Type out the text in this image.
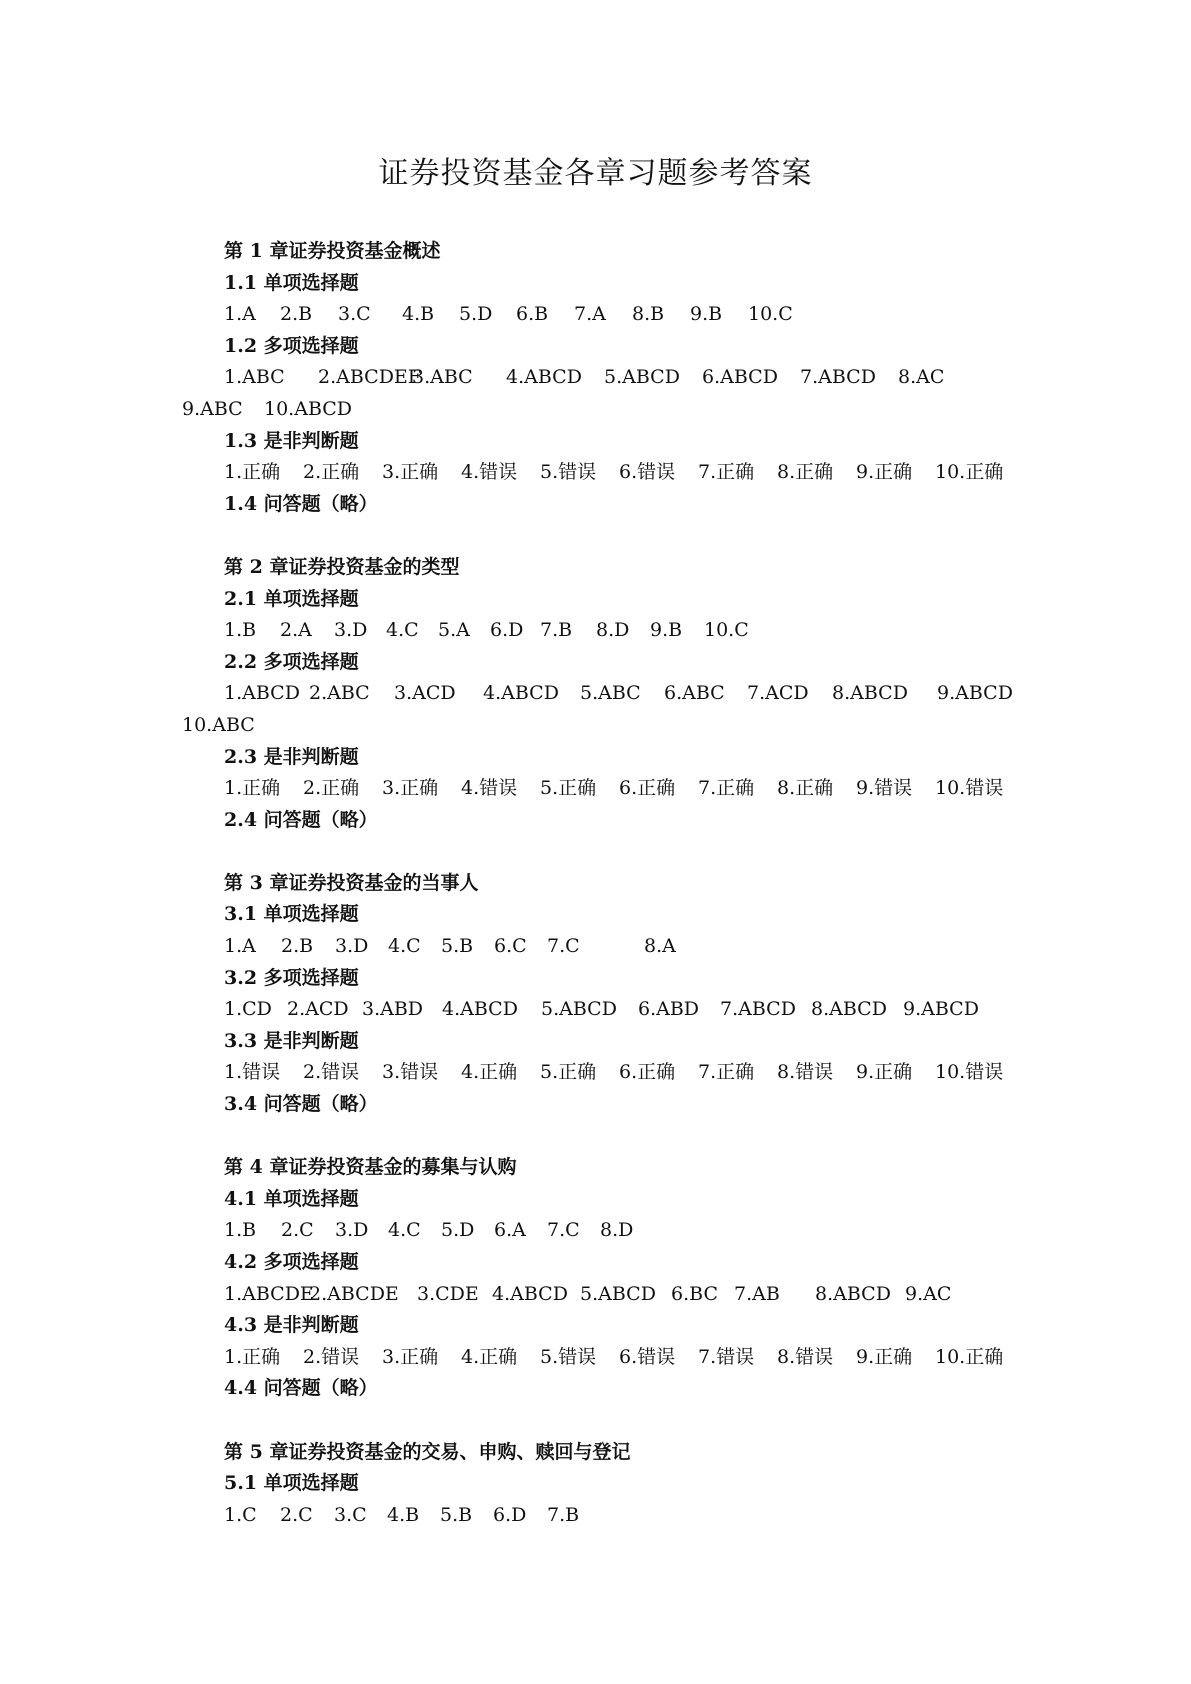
证券投资基金各章习题参考答案
第 1 章证券投资基金概述
1.1 单项选择题
1.A 2.B 3.C 4.B 5.D 6.B 7.A 8.B 9.B 10.C
1.2 多项选择题
1.ABC 2.ABCDEF
3.ABC 4.ABCD 5.ABCD 6.ABCD 7.ABCD 8.AC
9.ABC 10.ABCD
1.3 是非判断题
1.正确 2.正确 3.正确 4.错误 5.错误 6.错误 7.正确 8.正确 9.正确 10.正确
1.4 问答题（略）
第 2 章证券投资基金的类型
2.1 单项选择题
1.B 2.A 3.D 4.C 5.A 6.D 7.B 8.D 9.B 10.C
2.2 多项选择题
1.ABCD 2.ABC 3.ACD 4.ABCD 5.ABC 6.ABC 7.ACD 8.ABCD 9.ABCD
10.ABC
2.3 是非判断题
1.正确 2.正确 3.正确 4.错误 5.正确 6.正确 7.正确 8.正确 9.错误 10.错误
2.4 问答题（略）
第 3 章证券投资基金的当事人
3.1 单项选择题
1.A 2.B 3.D 4.C 5.B 6.C 7.C	8.A
3.2 多项选择题
1.CD 2.ACD 3.ABD 4.ABCD 5.ABCD 6.ABD 7.ABCD 8.ABCD 9.ABCD
3.3 是非判断题
1.错误 2.错误 3.错误 4.正确 5.正确 6.正确 7.正确 8.错误 9.正确 10.错误
3.4 问答题（略）
第 4 章证券投资基金的募集与认购
4.1 单项选择题
1.B 2.C 3.D 4.C 5.D 6.A 7.C 8.D
4.2 多项选择题
1.ABCDE
2.ABCDE 3.CDE 4.ABCD 5.ABCD 6.BC 7.AB 8.ABCD 9.AC
4.3 是非判断题
1.正确 2.错误 3.正确 4.正确 5.错误 6.错误 7.错误 8.错误 9.正确 10.正确
4.4 问答题（略）
第 5 章证券投资基金的交易、申购、赎回与登记
5.1 单项选择题
1.C 2.C 3.C 4.B 5.B 6.D 7.B
